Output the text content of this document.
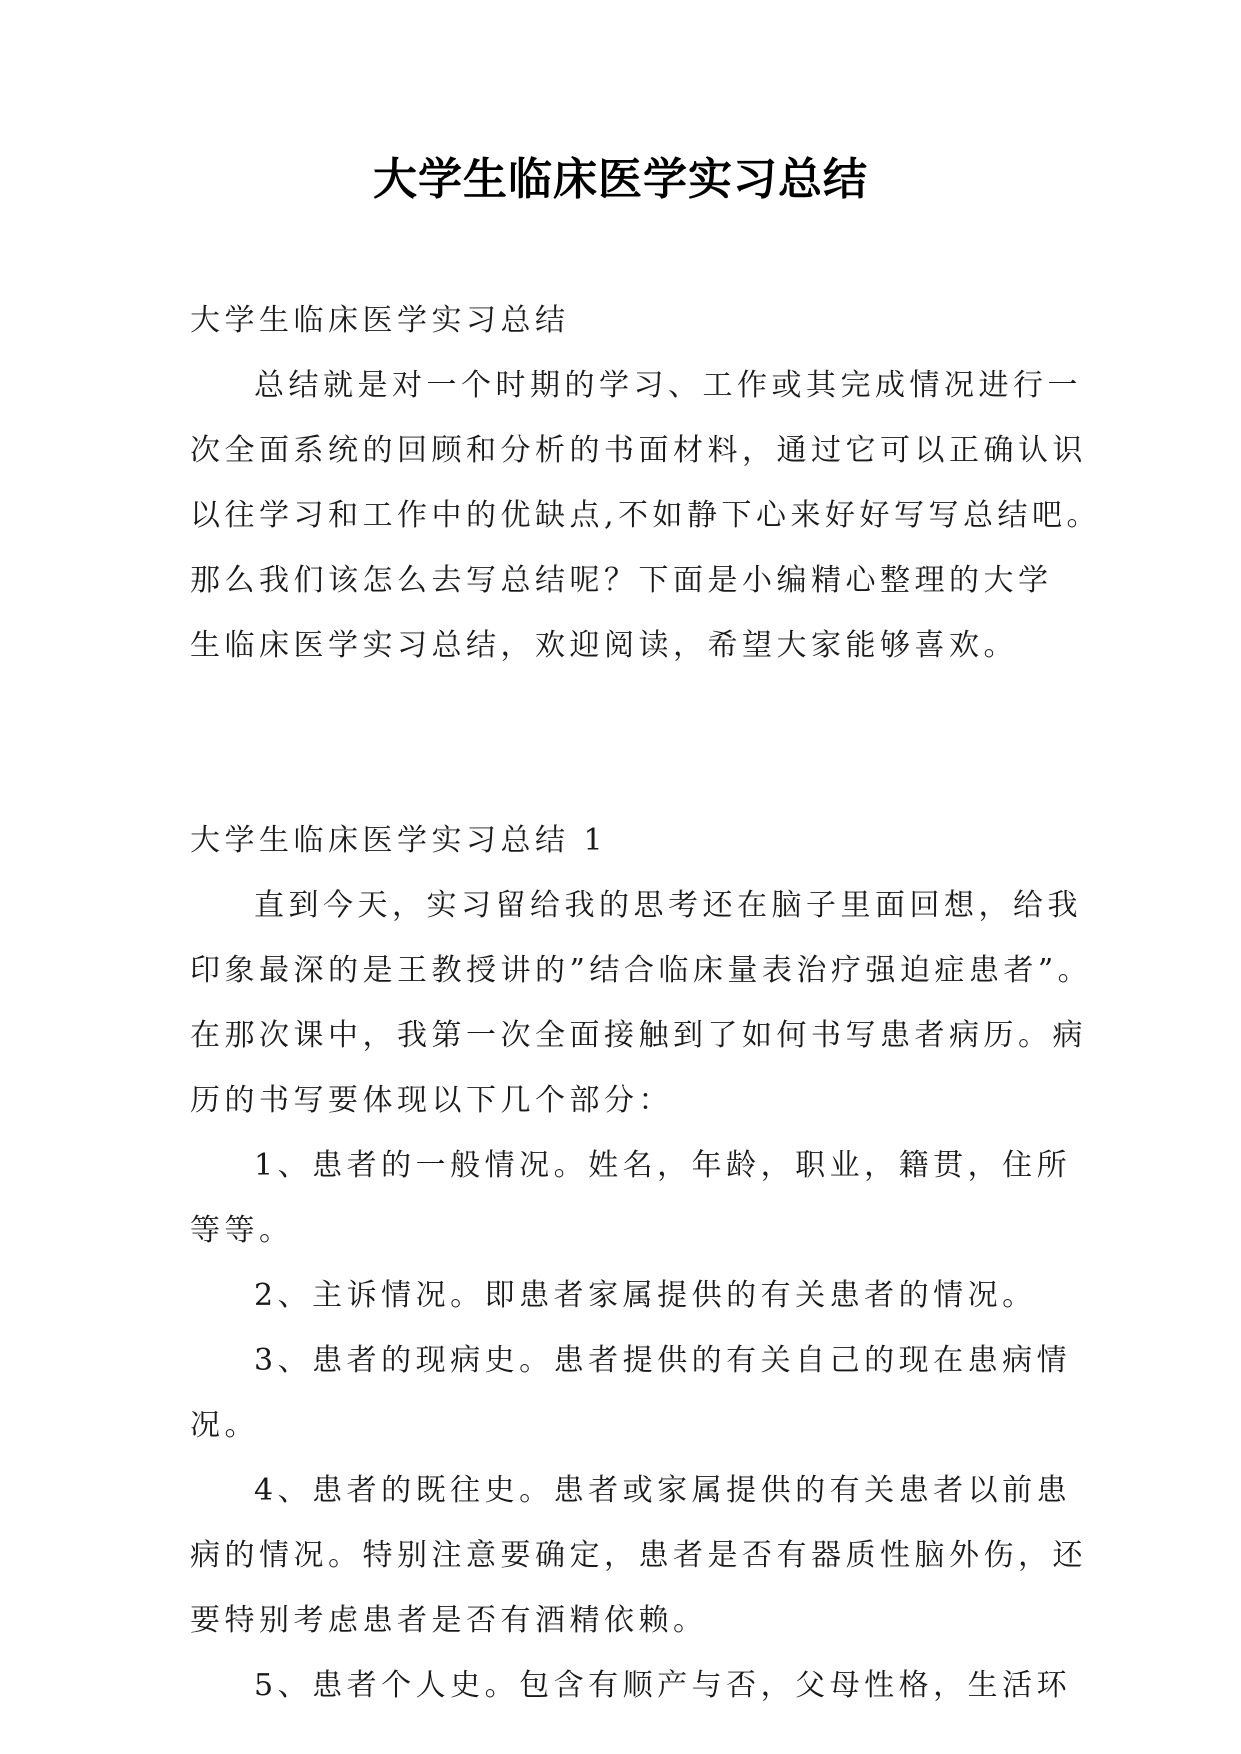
大学生临床医学实习总结
大学生临床医学实习总结
总结就是对一个时期的学习、工作或其完成情况进行一
次全面系统的回顾和分析的书面材料，通过它可以正确认识
以往学习和工作中的优缺点,不如静下心来好好写写总结吧。
那么我们该怎么去写总结呢？下面是小编精心整理的大学
生临床医学实习总结，欢迎阅读，希望大家能够喜欢。
大学生临床医学实习总结 1
直到今天，实习留给我的思考还在脑子里面回想，给我
印象最深的是王教授讲的”结合临床量表治疗强迫症患者”。
在那次课中，我第一次全面接触到了如何书写患者病历。病
历的书写要体现以下几个部分：
1、患者的一般情况。姓名，年龄，职业，籍贯，住所
等等。
2、主诉情况。即患者家属提供的有关患者的情况。
3、患者的现病史。患者提供的有关自己的现在患病情
况。
4、患者的既往史。患者或家属提供的有关患者以前患
病的情况。特别注意要确定，患者是否有器质性脑外伤，还
要特别考虑患者是否有酒精依赖。
5、患者个人史。包含有顺产与否，父母性格，生活环
